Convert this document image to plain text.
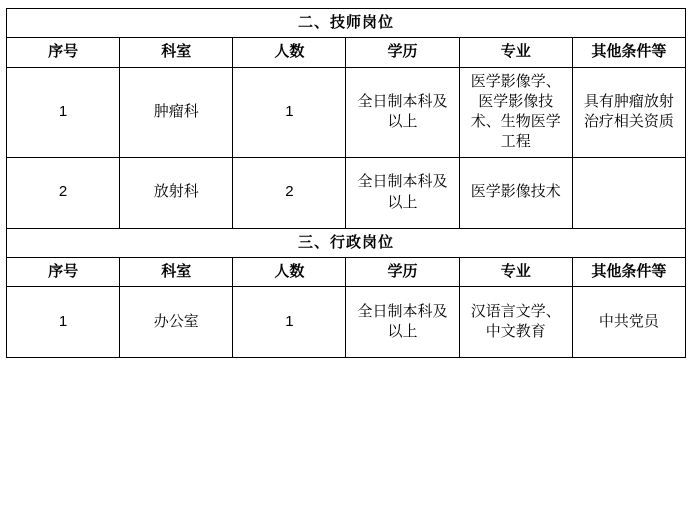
二、技师岗位					
序号	科室	人数	学历	专业	其他条件等
1	肿瘤科	1	全日制本科及以上	医学影像学、医学影像技术、生物医学工程	具有肿瘤放射治疗相关资质
2	放射科	2	全日制本科及以上	医学影像技术	
三、行政岗位					
序号	科室	人数	学历	专业	其他条件等
1	办公室	1	全日制本科及以上	汉语言文学、中文教育	中共党员
